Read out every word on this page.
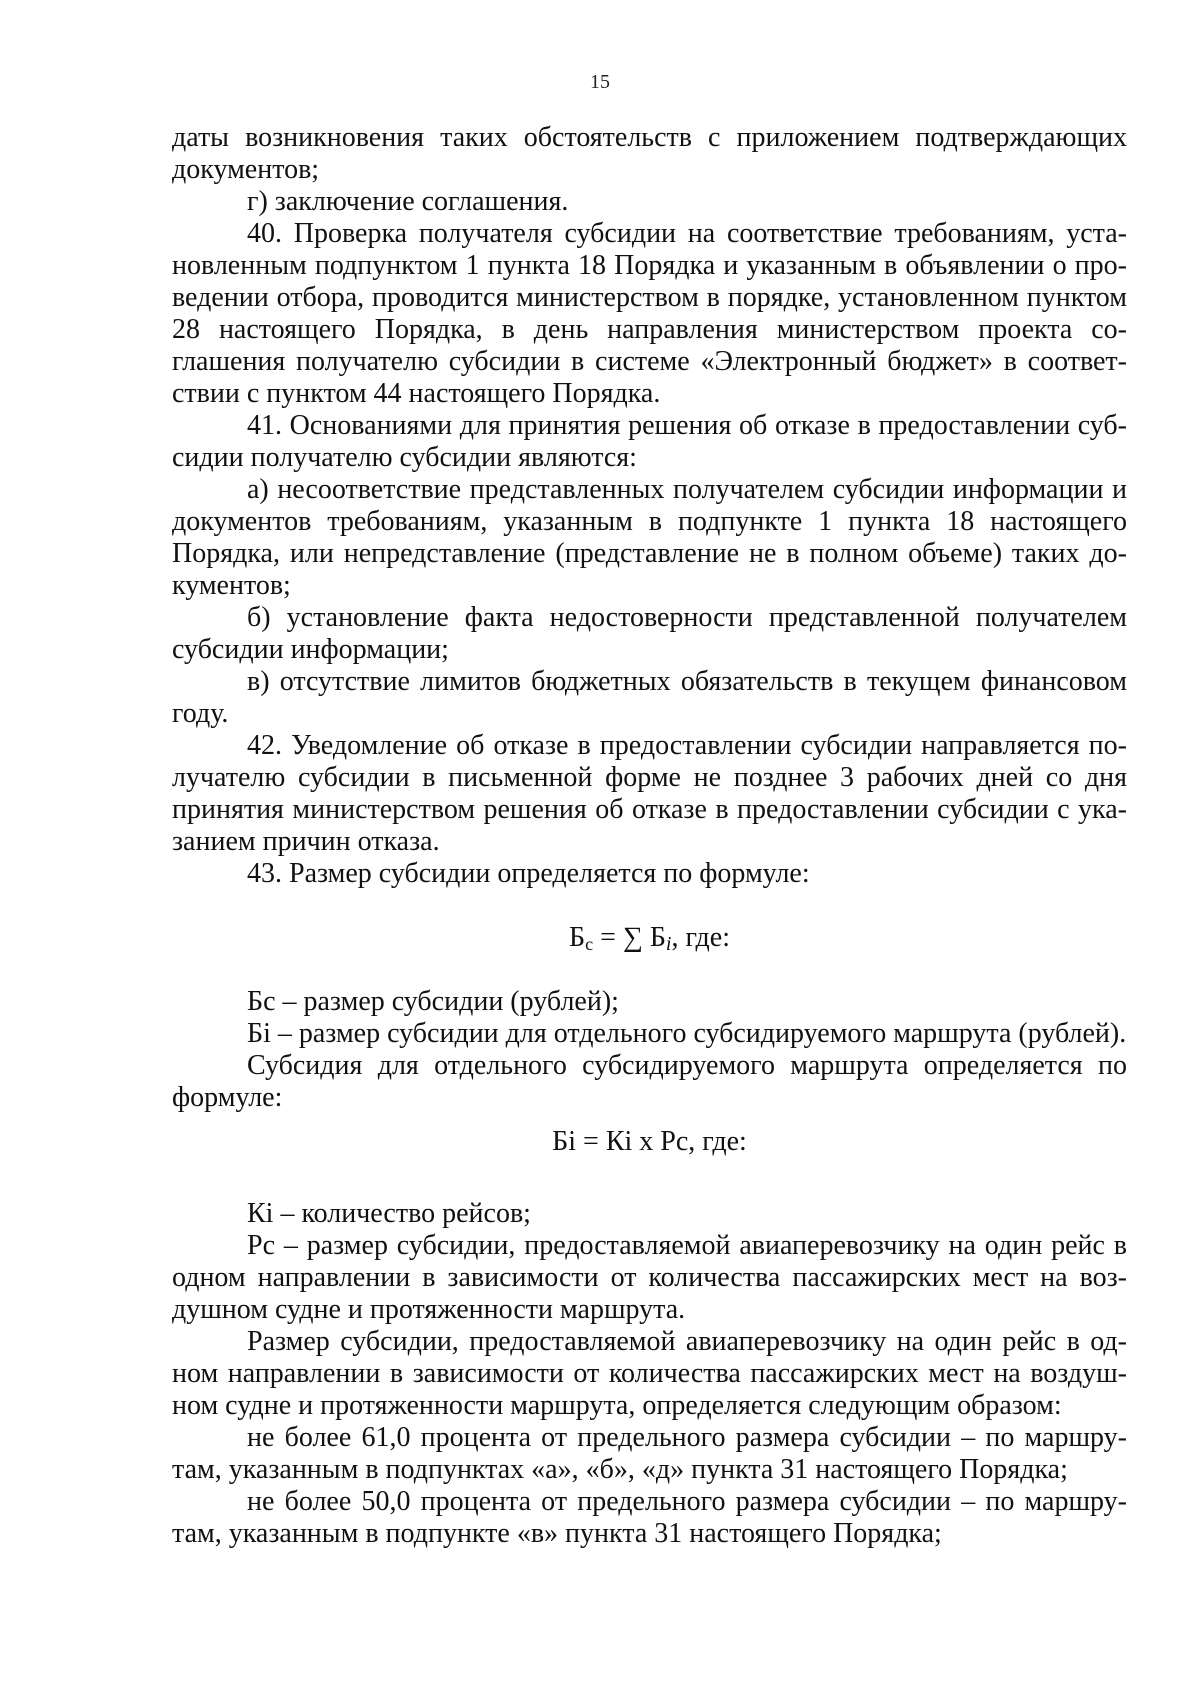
15

даты возникновения таких обстоятельств с приложением подтверждающих документов;

г) заключение соглашения.

40. Проверка получателя субсидии на соответствие требованиям, установленным подпунктом 1 пункта 18 Порядка и указанным в объявлении о проведении отбора, проводится министерством в порядке, установленном пунктом 28 настоящего Порядка, в день направления министерством проекта соглашения получателю субсидии в системе «Электронный бюджет» в соответствии с пунктом 44 настоящего Порядка.

41. Основаниями для принятия решения об отказе в предоставлении субсидии получателю субсидии являются:

а) несоответствие представленных получателем субсидии информации и документов требованиям, указанным в подпункте 1 пункта 18 настоящего Порядка, или непредставление (представление не в полном объеме) таких документов;

б) установление факта недостоверности представленной получателем субсидии информации;

в) отсутствие лимитов бюджетных обязательств в текущем финансовом году.

42. Уведомление об отказе в предоставлении субсидии направляется получателю субсидии в письменной форме не позднее 3 рабочих дней со дня принятия министерством решения об отказе в предоставлении субсидии с указанием причин отказа.

43. Размер субсидии определяется по формуле:

$Б_с$ = ∑ Бi, где:

Бс – размер субсидии (рублей);

Бі – размер субсидии для отдельного субсидируемого маршрута (рублей).

Субсидия для отдельного субсидируемого маршрута определяется по формуле:

Бі = Кі х Рс, где:

Кі – количество рейсов;

Рс – размер субсидии, предоставляемой авиаперевозчику на один рейс в одном направлении в зависимости от количества пассажирских мест на воздушном судне и протяженности маршрута.

Размер субсидии, предоставляемой авиаперевозчику на один рейс в одном направлении в зависимости от количества пассажирских мест на воздушном судне и протяженности маршрута, определяется следующим образом:

не более 61,0 процента от предельного размера субсидии – по маршрутам, указанным в подпунктах «а», «б», «д» пункта 31 настоящего Порядка;

не более 50,0 процента от предельного размера субсидии – по маршрутам, указанным в подпункте «в» пункта 31 настоящего Порядка;
